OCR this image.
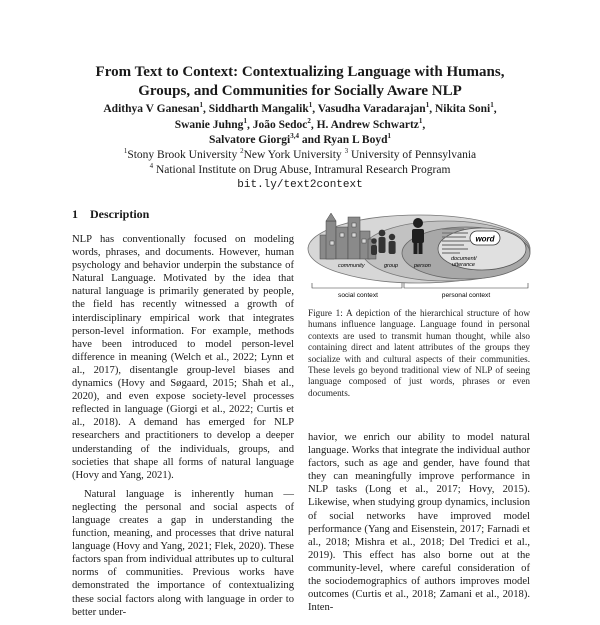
From Text to Context: Contextualizing Language with Humans,
Groups, and Communities for Socially Aware NLP
Adithya V Ganesan$^1$, Siddharth Mangalik$^1$, Vasudha Varadarajan$^1$, Nikita Soni$^1$,
Swanie Juhng$^1$, João Sedoc$^2$, H. Andrew Schwartz$^1$,
Salvatore Giorgi$^{3,4}$ and Ryan L Boyd$^1$
$^1$Stony Brook University $^2$New York University $^3$ University of Pennsylvania
$^4$ National Institute on Drug Abuse, Intramural Research Program
bit.ly/text2context
1 Description

NLP has conventionally focused on modeling words, phrases, and documents. However, human psychology and behavior underpin the substance of Natural Language. Motivated by the idea that natural language is primarily generated by people, the field has recently witnessed a growth of interdisciplinary empirical work that integrates person-level information. For example, methods have been introduced to model person-level difference in meaning (Welch et al., 2022; Lynn et al., 2017), disentangle group-level biases and dynamics (Hovy and Søgaard, 2015; Shah et al., 2020), and even expose society-level processes reflected in language (Giorgi et al., 2022; Curtis et al., 2018). A demand has emerged for NLP researchers and practitioners to develop a deeper understanding of the individuals, groups, and societies that shape all forms of natural language (Hovy and Yang, 2021).

Natural language is inherently human — neglecting the personal and social aspects of language creates a gap in understanding the function, meaning, and processes that drive natural language (Hovy and Yang, 2021; Flek, 2020). These factors span from individual attributes up to cultural norms of communities. Previous works have demonstrated the importance of contextualizing these social factors along with language in order to better under-

word
community	group	person
document/
utterance
social context	personal context
Figure 1: A depiction of the hierarchical structure of how humans influence language. Language found in personal contexts are used to transmit human thought, while also containing direct and latent attributes of the groups they socialize with and cultural aspects of their communities. These levels go beyond traditional view of NLP of seeing language composed of just words, phrases or even documents.

havior, we enrich our ability to model natural language. Works that integrate the individual author factors, such as age and gender, have found that they can meaningfully improve performance in NLP tasks (Long et al., 2017; Hovy, 2015). Likewise, when studying group dynamics, inclusion of social networks have improved model performance (Yang and Eisenstein, 2017; Farnadi et al., 2018; Mishra et al., 2018; Del Tredici et al., 2019). This effect has also borne out at the community-level, where careful consideration of the sociodemographics of authors improves model outcomes (Curtis et al., 2018; Zamani et al., 2018). Inten-
